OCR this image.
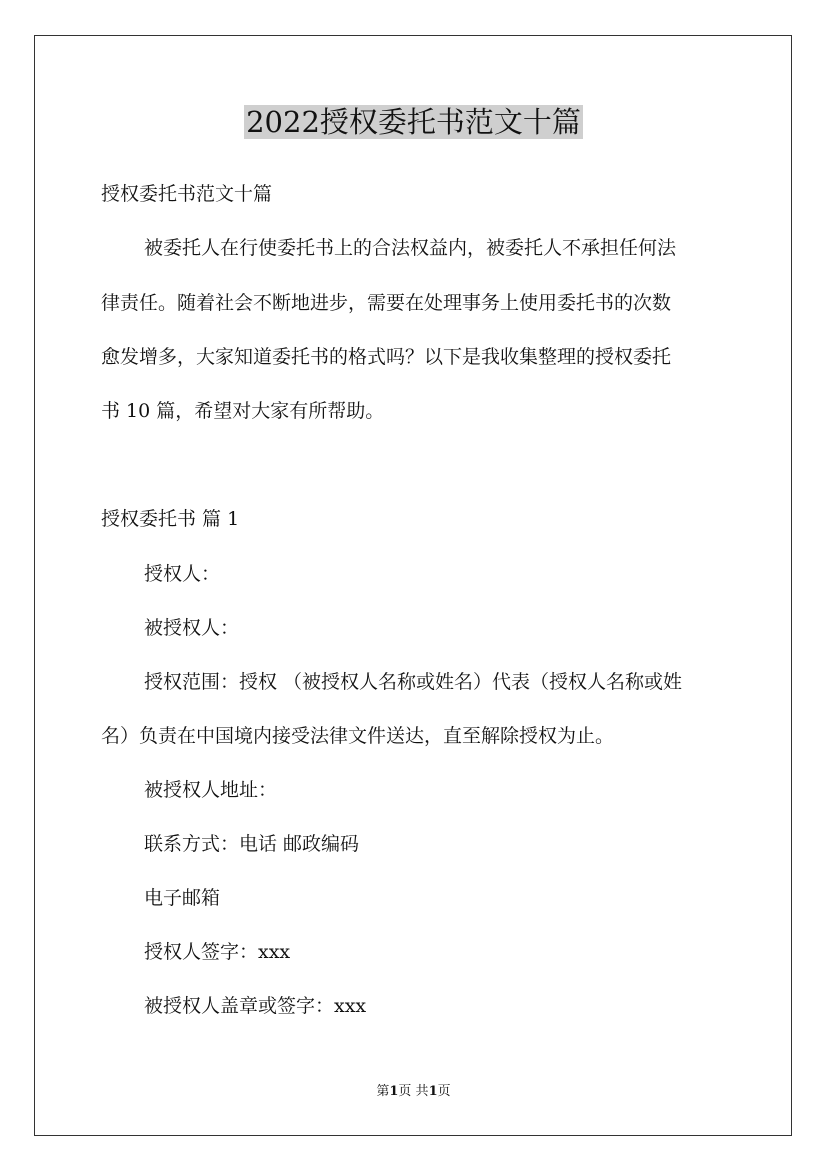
2022授权委托书范文十篇

授权委托书范文十篇

被委托人在行使委托书上的合法权益内，被委托人不承担任何法

律责任。随着社会不断地进步，需要在处理事务上使用委托书的次数

愈发增多，大家知道委托书的格式吗？以下是我收集整理的授权委托

书 10 篇，希望对大家有所帮助。

授权委托书 篇 1

授权人：

被授权人：

授权范围：授权 （被授权人名称或姓名）代表（授权人名称或姓

名）负责在中国境内接受法律文件送达，直至解除授权为止。

被授权人地址：

联系方式：电话 邮政编码

电子邮箱

授权人签字：xxx

被授权人盖章或签字：xxx

第1页 共1页
